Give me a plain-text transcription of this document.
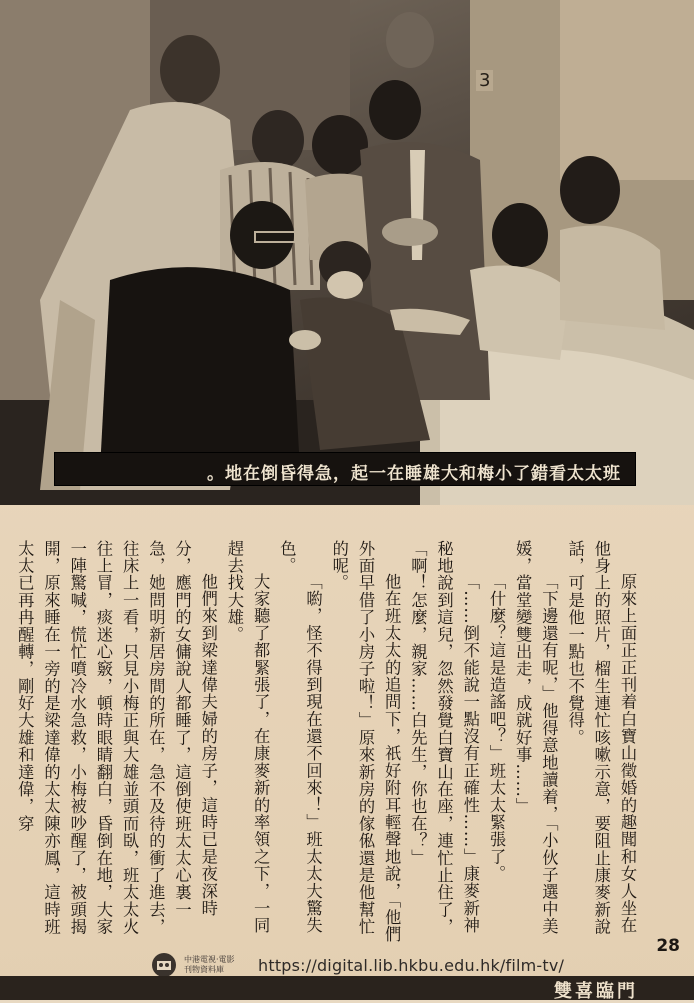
3
。地在倒昏得急，起一在睡雄大和梅小了錯看太太班

原來上面正正刊着白寶山徵婚的趣聞和女人坐在他身上的照片，榴生連忙咳嗽示意，要阻止康麥新說話，可是他一點也不覺得。

「下邊還有呢，」他得意地讀着，「小伙子選中美媛，當堂變雙出走，成就好事……」

「什麼？這是造謠吧？」班太太緊張了。

「……倒不能說一點沒有正確性……」康麥新神秘地說到這兒，忽然發覺白寶山在座，連忙止住了，「啊！怎麼，親家……白先生，你也在？」

他在班太太的追問下，祇好附耳輕聲地說，「他們外面早借了小房子啦！」原來新房的傢俬還是他幫忙的呢。

「喲，怪不得到現在還不回來！」班太太大驚失色。

大家聽了都緊張了，在康麥新的率領之下，一同趕去找大雄。

他們來到梁達偉夫婦的房子，這時已是夜深時分，應門的女傭說人都睡了，這倒使班太太心裏一急，她問明新居房間的所在，急不及待的衝了進去，往床上一看，只見小梅正與大雄並頭而臥，班太太火往上冒，痰迷心竅，頓時眼睛翻白，昏倒在地，大家一陣驚喊，慌忙噴冷水急救，小梅被吵醒了，被頭揭開，原來睡在一旁的是梁達偉的太太陳亦鳳，這時班太太已再冉醒轉，剛好大雄和達偉，穿

28
中港電視·電影
刊物資料庫	https://digital.lib.hkbu.edu.hk/film-tv/
雙喜臨門
